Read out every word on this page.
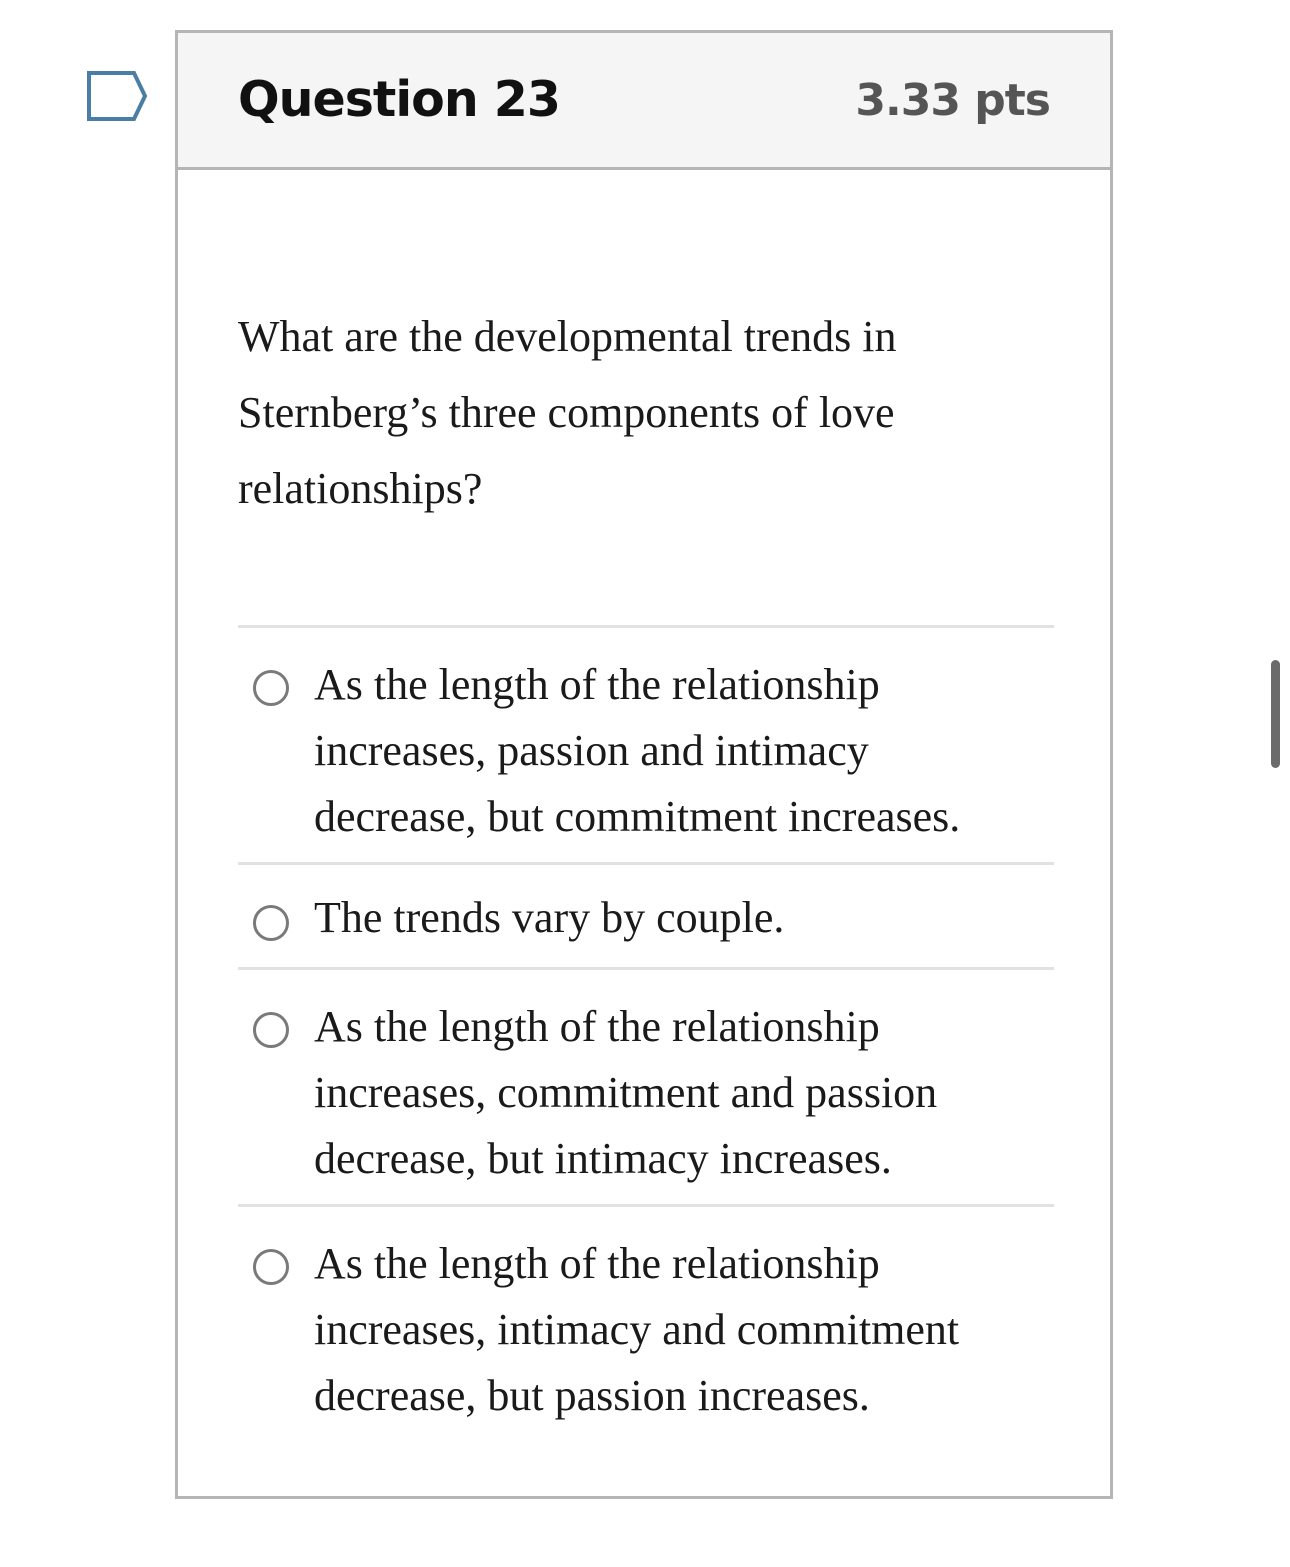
Question 23	3.33 pts
What are the developmental trends in Sternberg’s three components of love relationships?
As the length of the relationship increases, passion and intimacy decrease, but commitment increases.
The trends vary by couple.
As the length of the relationship increases, commitment and passion decrease, but intimacy increases.
As the length of the relationship increases, intimacy and commitment decrease, but passion increases.
